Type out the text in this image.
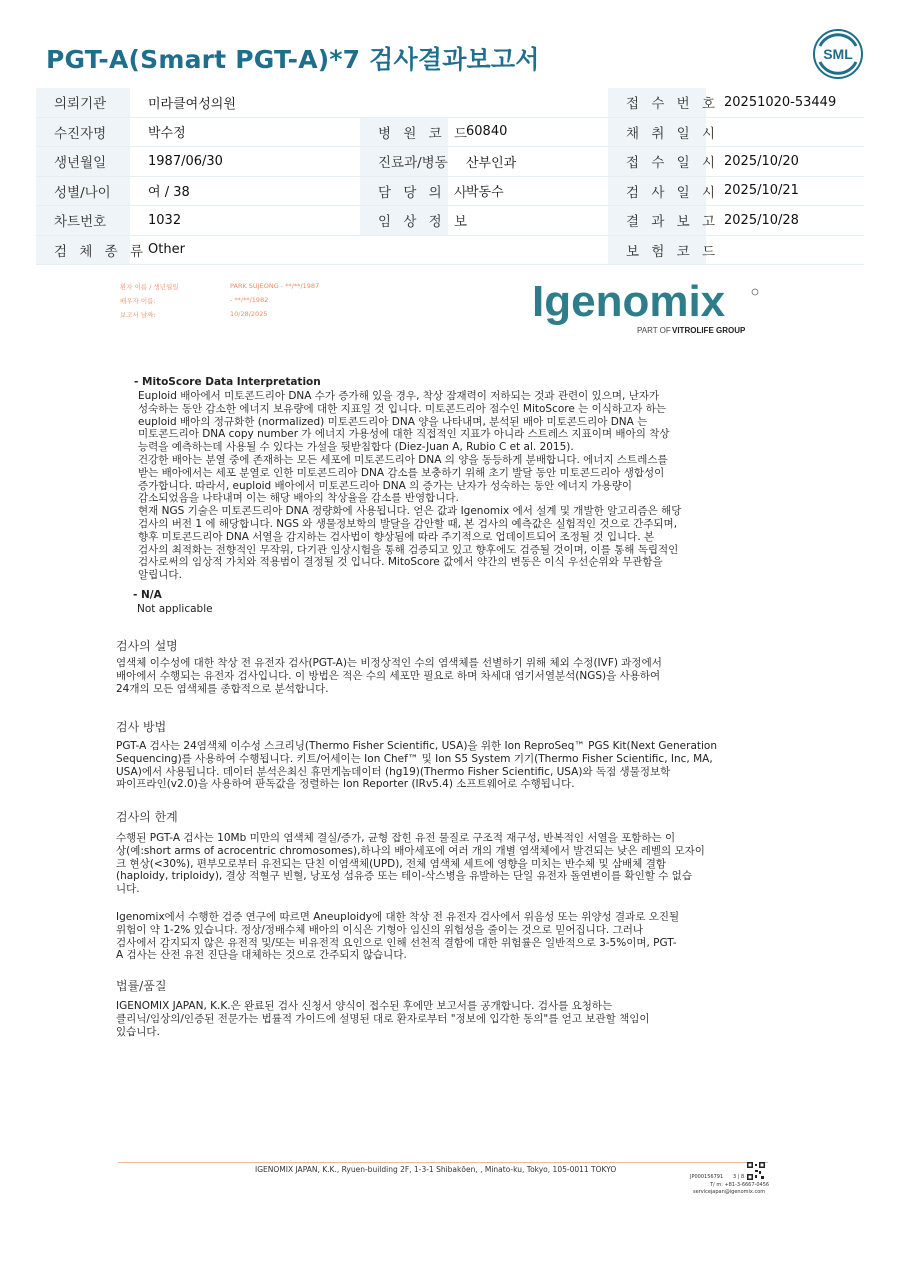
PGT-A(Smart PGT-A)*7 검사결과보고서	SML
의뢰기관	미라클여성의원			접 수 번 호	20251020-53449
수진자명	박수정	병 원 코 드	60840	채 취 일 시	
생년월일	1987/06/30	진료과/병동	산부인과	접 수 일 시	2025/10/20
성별/나이	여 / 38	담 당 의 사	박동수	검 사 일 시	2025/10/21
차트번호	1032	임 상 정 보		결 과 보 고	2025/10/28
검 체 종 류	Other			보 험 코 드	
환자 이름 / 생년월일
배우자 이름:
보고서 날짜:
PARK SUJEONG - **/**/1987
- **/**/1982
10/28/2025	Igenomix
PART OF VITROLIFE GROUP
- MitoScore Data Interpretation
Euploid 배아에서 미토콘드리아 DNA 수가 증가해 있을 경우, 착상 잠재력이 저하되는 것과 관련이 있으며, 난자가
성숙하는 동안 감소한 에너지 보유량에 대한 지표일 것 입니다. 미토콘드리아 점수인 MitoScore 는 이식하고자 하는
euploid 배아의 정규화한 (normalized) 미토콘드리아 DNA 양을 나타내며, 분석된 배아 미토콘드리아 DNA 는
미토콘드리아 DNA copy number 가 에너지 가용성에 대한 직접적인 지표가 아니라 스트레스 지표이며 배아의 착상
능력을 예측하는데 사용될 수 있다는 가설을 뒷받침합다 (Diez-Juan A, Rubio C et al. 2015).
건강한 배아는 분열 중에 존재하는 모든 세포에 미토콘드리아 DNA 의 양을 동등하게 분배합니다. 에너지 스트레스를
받는 배아에서는 세포 분열로 인한 미토콘드리아 DNA 감소를 보충하기 위해 초기 발달 동안 미토콘드리아 생합성이
증가합니다. 따라서, euploid 배아에서 미토콘드리아 DNA 의 증가는 난자가 성숙하는 동안 에너지 가용량이
감소되었음을 나타내며 이는 해당 배아의 착상율을 감소를 반영합니다.
현재 NGS 기술은 미토콘드리아 DNA 정량화에 사용됩니다. 얻은 값과 Igenomix 에서 설계 및 개발한 알고리즘은 해당
검사의 버전 1 에 해당합니다. NGS 와 생물정보학의 발달을 감안할 때, 본 검사의 예측값은 실험적인 것으로 간주되며,
향후 미토콘드리아 DNA 서열을 감지하는 검사법이 향상됨에 따라 주기적으로 업데이트되어 조정될 것 입니다. 본
검사의 최적화는 전향적인 무작위, 다기관 임상시험을 통해 검증되고 있고 향후에도 검증될 것이며, 이를 통해 독립적인
검사로써의 임상적 가치와 적용범이 결정될 것 입니다. MitoScore 값에서 약간의 변동은 이식 우선순위와 무관함을
알립니다.
- N/A
Not applicable
검사의 설명
염색체 이수성에 대한 착상 전 유전자 검사(PGT-A)는 비정상적인 수의 염색체를 선별하기 위해 체외 수정(IVF) 과정에서
배아에서 수행되는 유전자 검사입니다. 이 방법은 적은 수의 세포만 필요로 하며 차세대 염기서열분석(NGS)을 사용하여
24개의 모든 염색체를 종합적으로 분석합니다.
검사 방법
PGT-A 검사는 24염색체 이수성 스크리닝(Thermo Fisher Scientific, USA)을 위한 Ion ReproSeq™ PGS Kit(Next Generation
Sequencing)를 사용하여 수행됩니다. 키트/어세이는 Ion Chef™ 및 Ion S5 System 기기(Thermo Fisher Scientific, Inc, MA,
USA)에서 사용됩니다. 데이터 분석은최신 휴먼게놈데이터 (hg19)(Thermo Fisher Scientific, USA)와 독점 생물정보학
파이프라인(v2.0)을 사용하여 판독값을 정렬하는 Ion Reporter (IRv5.4) 소프트웨어로 수행됩니다.
검사의 한계
수행된 PGT-A 검사는 10Mb 미만의 염색체 결실/증가, 균형 잡힌 유전 물질로 구조적 재구성, 반복적인 서열을 포함하는 이
상(예:short arms of acrocentric chromosomes),하나의 배아세포에 여러 개의 개별 염색체에서 발견되는 낮은 레벨의 모자이
크 현상(<30%), 편부모로부터 유전되는 단친 이염색체(UPD), 전체 염색체 세트에 영향을 미치는 반수체 및 삼배체 결함
(haploidy, triploidy), 결상 적혈구 빈혈, 낭포성 섬유증 또는 테이-삭스병을 유발하는 단일 유전자 돌연변이를 확인할 수 없습
니다.
Igenomix에서 수행한 검증 연구에 따르면 Aneuploidy에 대한 착상 전 유전자 검사에서 위음성 또는 위양성 결과로 오진될
위험이 약 1-2% 있습니다. 정상/정배수체 배아의 이식은 기형아 임신의 위험성을 줄이는 것으로 믿어집니다. 그러나
검사에서 감지되지 않은 유전적 및/또는 비유전적 요인으로 인해 선천적 결함에 대한 위험률은 일반적으로 3-5%이며, PGT-
A 검사는 산전 유전 진단을 대체하는 것으로 간주되지 않습니다.
법률/품질
IGENOMIX JAPAN, K.K.은 완료된 검사 신청서 양식이 접수된 후에만 보고서를 공개합니다. 검사를 요청하는
클리닉/임상의/인증된 전문가는 법률적 가이드에 설명된 대로 환자로부터 "정보에 입각한 동의"를 얻고 보관할 책임이
있습니다.
IGENOMIX JAPAN, K.K., Ryuen-building 2F, 1-3-1 Shibakōen, , Minato-ku, Tokyo, 105-0011 TOKYO
JP000156791 3 | 8
T/ m: +81-3-6667-0456
servicejapan@igenomix.com
